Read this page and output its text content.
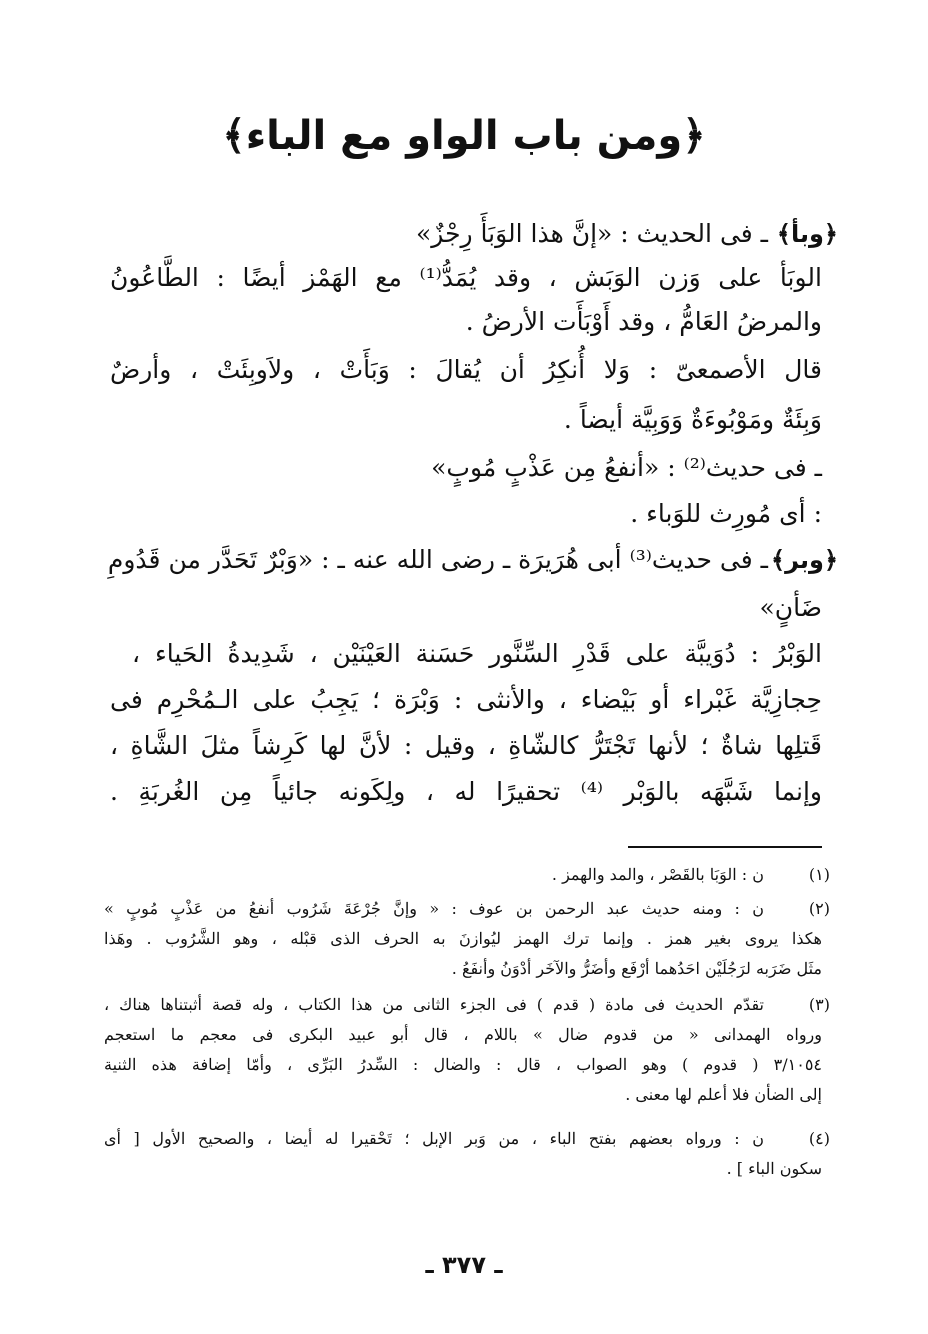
﴿ومن باب الواو مع الباء﴾
﴿وبأ﴾
ـ فى الحديث : «إنَّ هذا الوَبَأَ رِجْزٌ»
الوبَأ على وَزن الوَبَش ، وقد يُمَدُّ⁽¹⁾ مع الهَمْز أيضًا : الطَّاعُونُ
والمرضُ العَامُّ ، وقد أَوْبَأَت الأرضُ .
قال الأصمعىّ : وَلا أُنكِرُ أن يُقالَ : وَبَأَتْ ، ولاَوبِئَتْ ، وأرضٌ
وَبِئَةٌ ومَوْبُوءَةٌ وَوَبِيَّة أيضاً .
ـ فى حديث⁽²⁾ : «أنفعُ مِن عَذْبٍ مُوبٍ»
: أى مُورِث للوَباء .
﴿وبر﴾
ـ فى حديث⁽³⁾ أبى هُرَيرَة ـ رضى الله عنه ـ : «وَبْرٌ تَحَدَّر من قَدُومِ
ضَأنٍ»
الوَبْرُ : دُوَيبَّة على قَدْرِ السِّنَّور حَسَنة العَيْنَيْن ، شَدِيدةُ الحَياء ،
حِجازِيَّة غَبْراء أو بَيْضاء ، والأنثى : وَبْرَة ؛ يَجِبُ على الـمُحْرِم فى
قَتلِها شاةٌ ؛ لأنها تَجْتَرُّ كالشّاةِ ، وقيل : لأنَّ لها كَرِشاً مثلَ الشَّاةِ ،
وإنما شَبَّهَه بالوَبْر ⁽⁴⁾ تحقيرًا له ، ولِكَونه جائياً مِن الغُربَةِ .
(١)
ن : الوَبَا بالقَصْر ، والمد والهمز .
(٢)
ن : ومنه حديث عبد الرحمن بن عوف : « وإنَّ جُرْعَةَ شَرُوب أنفعُ من عَذْبٍ مُوبٍ »
هكذا يروى بغير همز . وإنما ترك الهمز ليُوازنَ به الحرف الذى قبْله ، وهو الشَّرُوب . وهَذا
مثَل ضَرَبه لرَجُلَيْن احَدُهما أرْفَع وأضَرُّ والآخَر أدْوَنُ وأنفَعُ .
(٣)
تقدّم الحديث فى مادة ( قدم ) فى الجزء الثانى من هذا الكتاب ، وله قصة أثبتناها هناك ،
ورواه الهمدانى « من قدوم ضال » باللام ، قال أبو عبيد البكرى فى معجم ما استعجم
٣/١٠٥٤ ( قدوم ) وهو الصواب ، قال : والضال : السِّدرُ البَرِّى ، وأمّا إضافة هذه الثنية
إلى الضأن فلا أعلم لها معنى .
(٤)
ن : ورواه بعضهم بفتح الباء ، من وَبر الإبل ؛ تَحْقيرا له أيضا ، والصحيح الأول [ أى
سكون الباء ] .
ـ ٣٧٧ ـ
